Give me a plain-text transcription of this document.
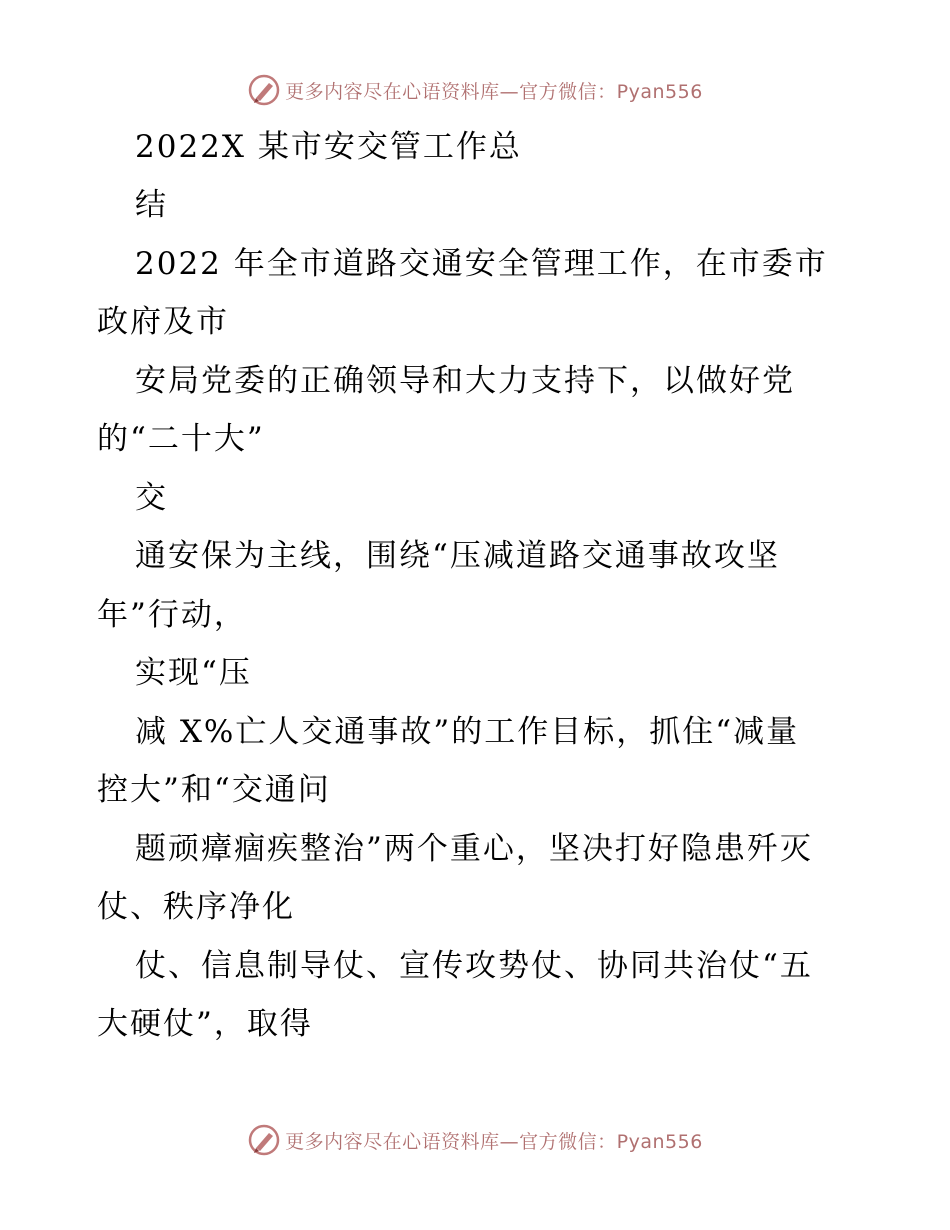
更多内容尽在心语资料库—官方微信：Pyan556
2022X 某市安交管工作总
结
2022 年全市道路交通安全管理工作，在市委市
政府及市
安局党委的正确领导和大力支持下，以做好党
的“二十大”
交
通安保为主线，围绕“压减道路交通事故攻坚
年”行动，
实现“压
减 X%亡人交通事故”的工作目标，抓住“减量
控大”和“交通问
题顽瘴痼疾整治”两个重心，坚决打好隐患歼灭
仗、秩序净化
仗、信息制导仗、宣传攻势仗、协同共治仗“五
大硬仗”，取得
更多内容尽在心语资料库—官方微信：Pyan556
